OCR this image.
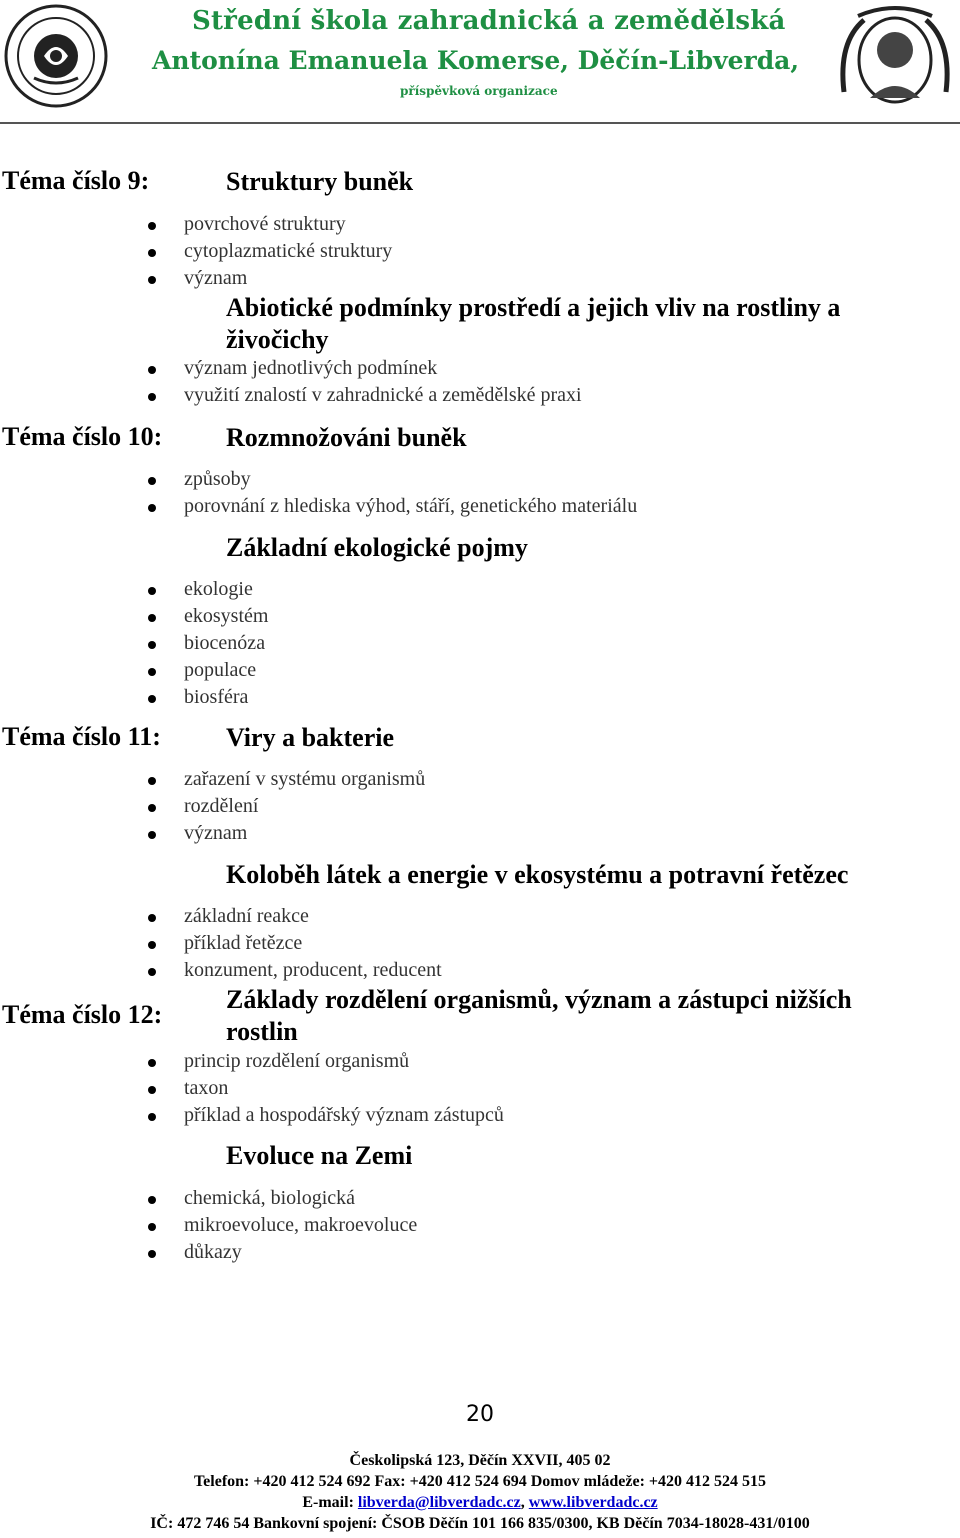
Střední škola zahradnická a zemědělská
Antonína Emanuela Komerse, Děčín-Libverda,
příspěvková organizace
Téma číslo 9:	Struktury buněk
povrchové struktury
cytoplazmatické struktury
význam
Abiotické podmínky prostředí a jejich vliv na rostliny a živočichy
význam jednotlivých podmínek
využití znalostí v zahradnické a zemědělské praxi
Téma číslo 10: Rozmnožováni buněk
způsoby
porovnání z hlediska výhod, stáří, genetického materiálu
Základní ekologické pojmy
ekologie
ekosystém
biocenóza
populace
biosféra
Téma číslo 11:	Viry a bakterie
zařazení v systému organismů
rozdělení
význam
Koloběh látek a energie v ekosystému a potravní řetězec
základní reakce
příklad řetězce
konzument, producent, reducent
Téma číslo 12:
Základy rozdělení organismů, význam a zástupci nižších rostlin
princip rozdělení organismů
taxon
příklad a hospodářský význam zástupců
Evoluce na Zemi
chemická, biologická
mikroevoluce, makroevoluce
důkazy
20
Českolipská 123, Děčín XXVII, 405 02
Telefon: +420 412 524 692 Fax: +420 412 524 694 Domov mládeže: +420 412 524 515
E-mail: libverda@libverdadc.cz, www.libverdadc.cz
IČ: 472 746 54 Bankovní spojení: ČSOB Děčín 101 166 835/0300, KB Děčín 7034-18028-431/0100
